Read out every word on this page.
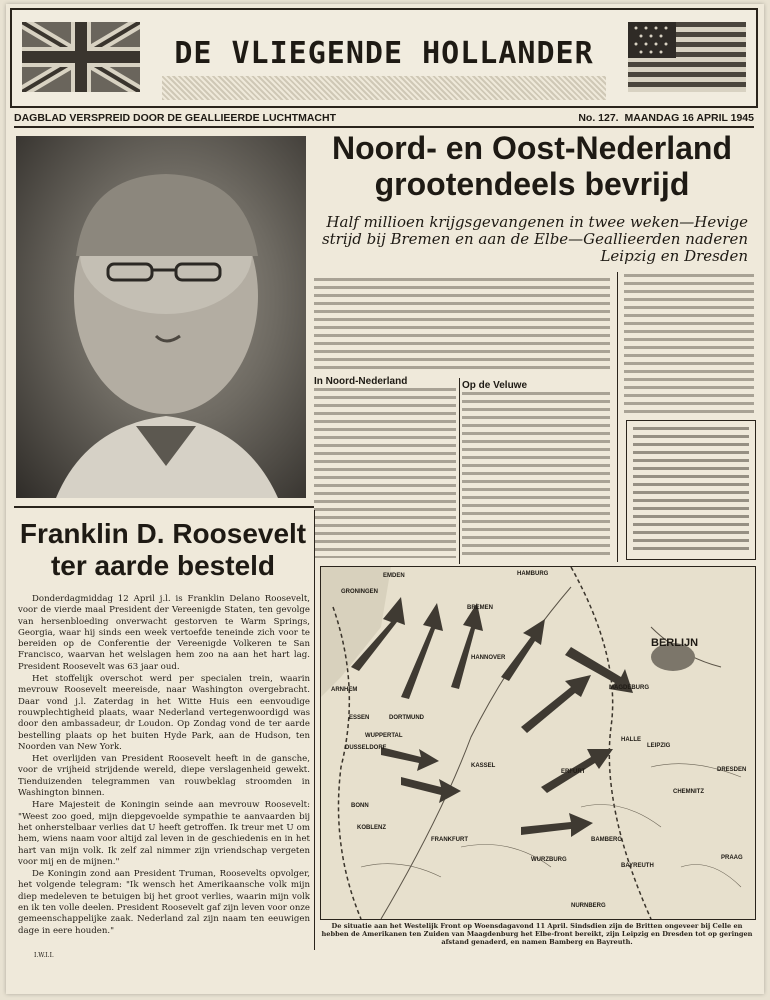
DE VLIEGENDE HOLLANDER
DAGBLAD VERSPREID DOOR DE GEALLIEERDE LUCHTMACHT	No. 127. MAANDAG 16 APRIL 1945
Noord- en Oost-Nederland
grootendeels bevrijd
Half millioen krijgsgevangenen in twee weken—Hevige
strijd bij Bremen en aan de Elbe—Geallieerden naderen
Leipzig en Dresden
In Noord-Nederland	Op de Veluwe
Franklin D. Roosevelt
ter aarde besteld

Donderdagmiddag 12 April j.l. is Franklin Delano Roosevelt, voor de vierde maal President der Vereenigde Staten, ten gevolge van hersenbloeding onverwacht gestorven te Warm Springs, Georgia, waar hij sinds een week vertoefde teneinde zich voor te bereiden op de Conferentie der Vereenigde Volkeren te San Francisco, waarvan het welslagen hem zoo na aan het hart lag. President Roosevelt was 63 jaar oud.

Het stoffelijk overschot werd per specialen trein, waarin mevrouw Roosevelt meereisde, naar Washington overgebracht. Daar vond j.l. Zaterdag in het Witte Huis een eenvoudige rouwplechtigheid plaats, waar Nederland vertegenwoordigd was door den ambassadeur, dr Loudon. Op Zondag vond de ter aarde bestelling plaats op het buiten Hyde Park, aan de Hudson, ten Noorden van New York.

Het overlijden van President Roosevelt heeft in de gansche, voor de vrijheid strijdende wereld, diepe verslagenheid gewekt. Tienduizenden telegrammen van rouwbeklag stroomden in Washington binnen.

Hare Majesteit de Koningin seinde aan mevrouw Roosevelt: "Weest zoo goed, mijn diepgevoelde sympathie te aanvaarden bij het onherstelbaar verlies dat U heeft getroffen. Ik treur met U om hem, wiens naam voor altijd zal leven in de geschiedenis en in het hart van mijn volk. Ik zelf zal nimmer zijn vriendschap vergeten voor mij en de mijnen."

De Koningin zond aan President Truman, Roosevelts opvolger, het volgende telegram: "Ik wensch het Amerikaansche volk mijn diep medeleven te betuigen bij het groot verlies, waarin mijn volk en ik ten volle deelen. President Roosevelt gaf zijn leven voor onze gemeenschappelijke zaak. Nederland zal zijn naam ten eeuwigen dage in eere houden."

I.W.I.I.
EMDEN
GRONINGEN
HAMBURG
BREMEN
BERLIJN
HANNOVER
MAGDEBURG
ARNHEM
ESSEN	DORTMUND
WUPPERTAL
DUSSELDORF
KASSEL
HALLE
LEIPZIG
DRESDEN
ERFURT
CHEMNITZ
BONN
KOBLENZ
FRANKFURT
WURZBURG
BAMBERG
BAYREUTH
NURNBERG
PRAAG
De situatie aan het Westelijk Front op Woensdagavond 11 April. Sindsdien zijn de Britten ongeveer bij Celle en hebben de Amerikanen ten Zuiden van Maagdenburg het Elbe-front bereikt, zijn Leipzig en Dresden tot op geringen afstand genaderd, en namen Bamberg en Bayreuth.
